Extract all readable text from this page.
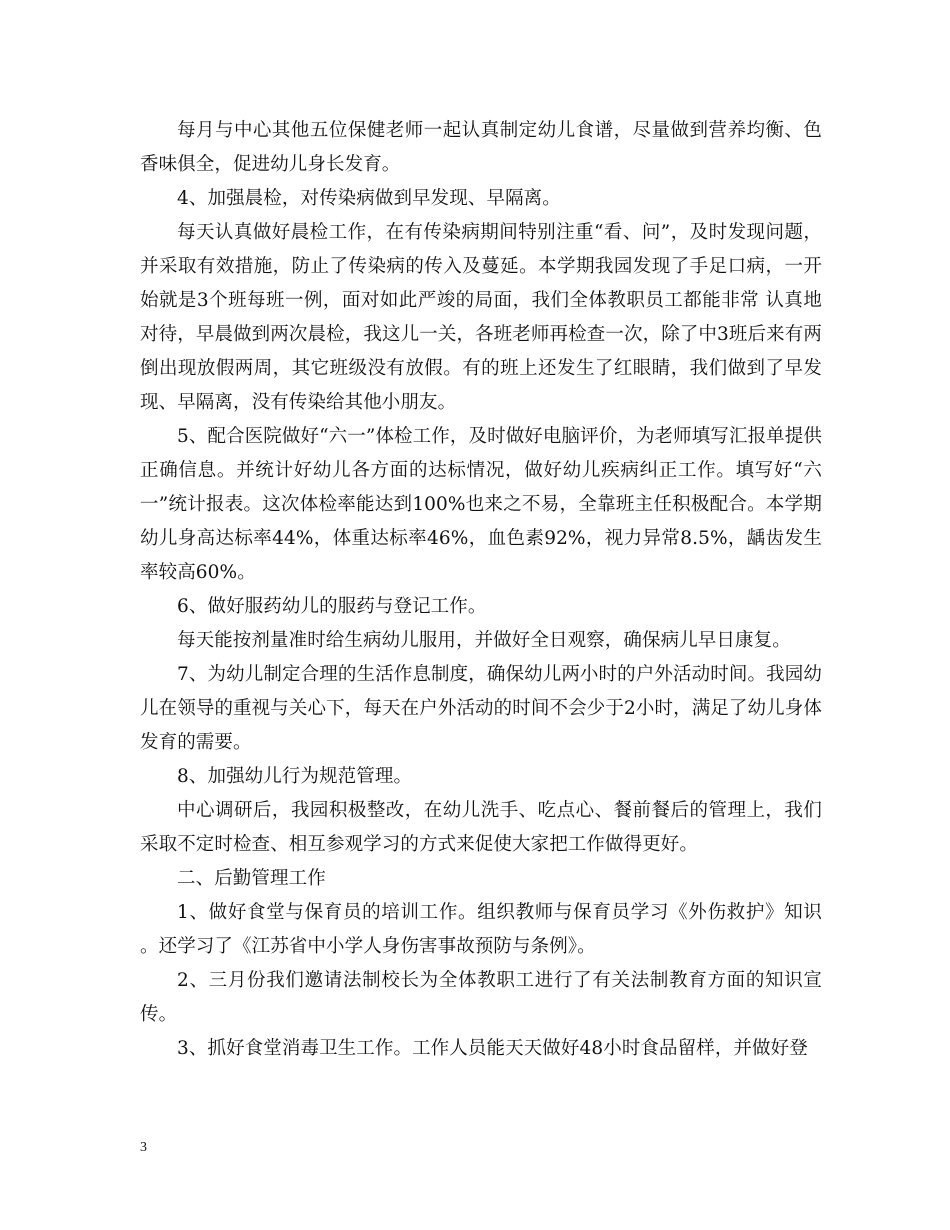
每月与中心其他五位保健老师一起认真制定幼儿食谱，尽量做到营养均衡、色香味俱全，促进幼儿身长发育。

4、加强晨检，对传染病做到早发现、早隔离。

每天认真做好晨检工作，在有传染病期间特别注重“看、问”，及时发现问题，并采取有效措施，防止了传染病的传入及蔓延。本学期我园发现了手足口病，一开始就是3个班每班一例，面对如此严竣的局面，我们全体教职员工都能非常 认真地对待，早晨做到两次晨检，我这儿一关，各班老师再检查一次，除了中3班后来有两倒出现放假两周，其它班级没有放假。有的班上还发生了红眼睛，我们做到了早发现、早隔离，没有传染给其他小朋友。

5、配合医院做好“六一”体检工作，及时做好电脑评价，为老师填写汇报单提供正确信息。并统计好幼儿各方面的达标情况，做好幼儿疾病纠正工作。填写好“六一”统计报表。这次体检率能达到100%也来之不易，全靠班主任积极配合。本学期幼儿身高达标率44%，体重达标率46%，血色素92%，视力异常8.5%，龋齿发生率较高60%。

6、做好服药幼儿的服药与登记工作。

每天能按剂量准时给生病幼儿服用，并做好全日观察，确保病儿早日康复。

7、为幼儿制定合理的生活作息制度，确保幼儿两小时的户外活动时间。我园幼儿在领导的重视与关心下，每天在户外活动的时间不会少于2小时，满足了幼儿身体发育的需要。

8、加强幼儿行为规范管理。

中心调研后，我园积极整改，在幼儿洗手、吃点心、餐前餐后的管理上，我们采取不定时检查、相互参观学习的方式来促使大家把工作做得更好。

二、后勤管理工作

1、做好食堂与保育员的培训工作。组织教师与保育员学习《外伤救护》知识 。还学习了《江苏省中小学人身伤害事故预防与条例》。

2、三月份我们邀请法制校长为全体教职工进行了有关法制教育方面的知识宣传。

3、抓好食堂消毒卫生工作。工作人员能天天做好48小时食品留样，并做好登

3
